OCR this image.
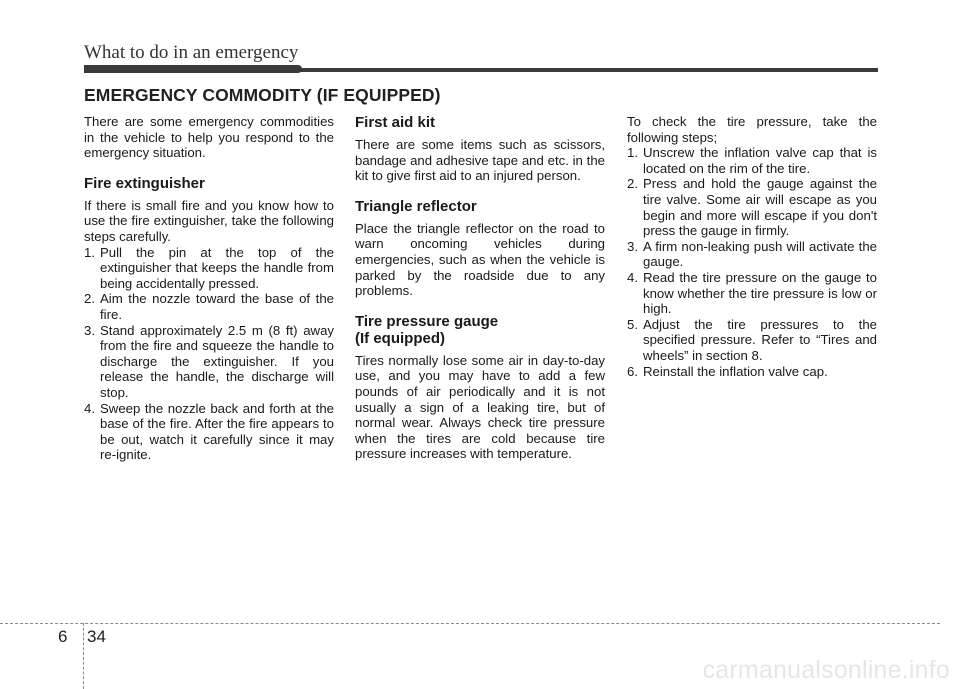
What to do in an emergency
EMERGENCY COMMODITY (IF EQUIPPED)

There are some emergency commodities in the vehicle to help you respond to the emergency situation.

Fire extinguisher

If there is small fire and you know how to use the fire extinguisher, take the following steps carefully.

1. Pull the pin at the top of the extinguisher that keeps the handle from being accidentally pressed.
2. Aim the nozzle toward the base of the fire.
3. Stand approximately 2.5 m (8 ft) away from the fire and squeeze the handle to discharge the extinguisher. If you release the handle, the discharge will stop.
4. Sweep the nozzle back and forth at the base of the fire. After the fire appears to be out, watch it carefully since it may re-ignite.
First aid kit

There are some items such as scissors, bandage and adhesive tape and etc. in the kit to give first aid to an injured person.

Triangle reflector

Place the triangle reflector on the road to warn oncoming vehicles during emergencies, such as when the vehicle is parked by the roadside due to any problems.

Tire pressure gauge
(If equipped)

Tires normally lose some air in day-to-day use, and you may have to add a few pounds of air periodically and it is not usually a sign of a leaking tire, but of normal wear. Always check tire pressure when the tires are cold because tire pressure increases with temperature.

To check the tire pressure, take the following steps;

1. Unscrew the inflation valve cap that is located on the rim of the tire.
2. Press and hold the gauge against the tire valve. Some air will escape as you begin and more will escape if you don't press the gauge in firmly.
3. A firm non-leaking push will activate the gauge.
4. Read the tire pressure on the gauge to know whether the tire pressure is low or high.
5. Adjust the tire pressures to the specified pressure. Refer to “Tires and wheels” in section 8.
6. Reinstall the inflation valve cap.
6 34
carmanualsonline.info
